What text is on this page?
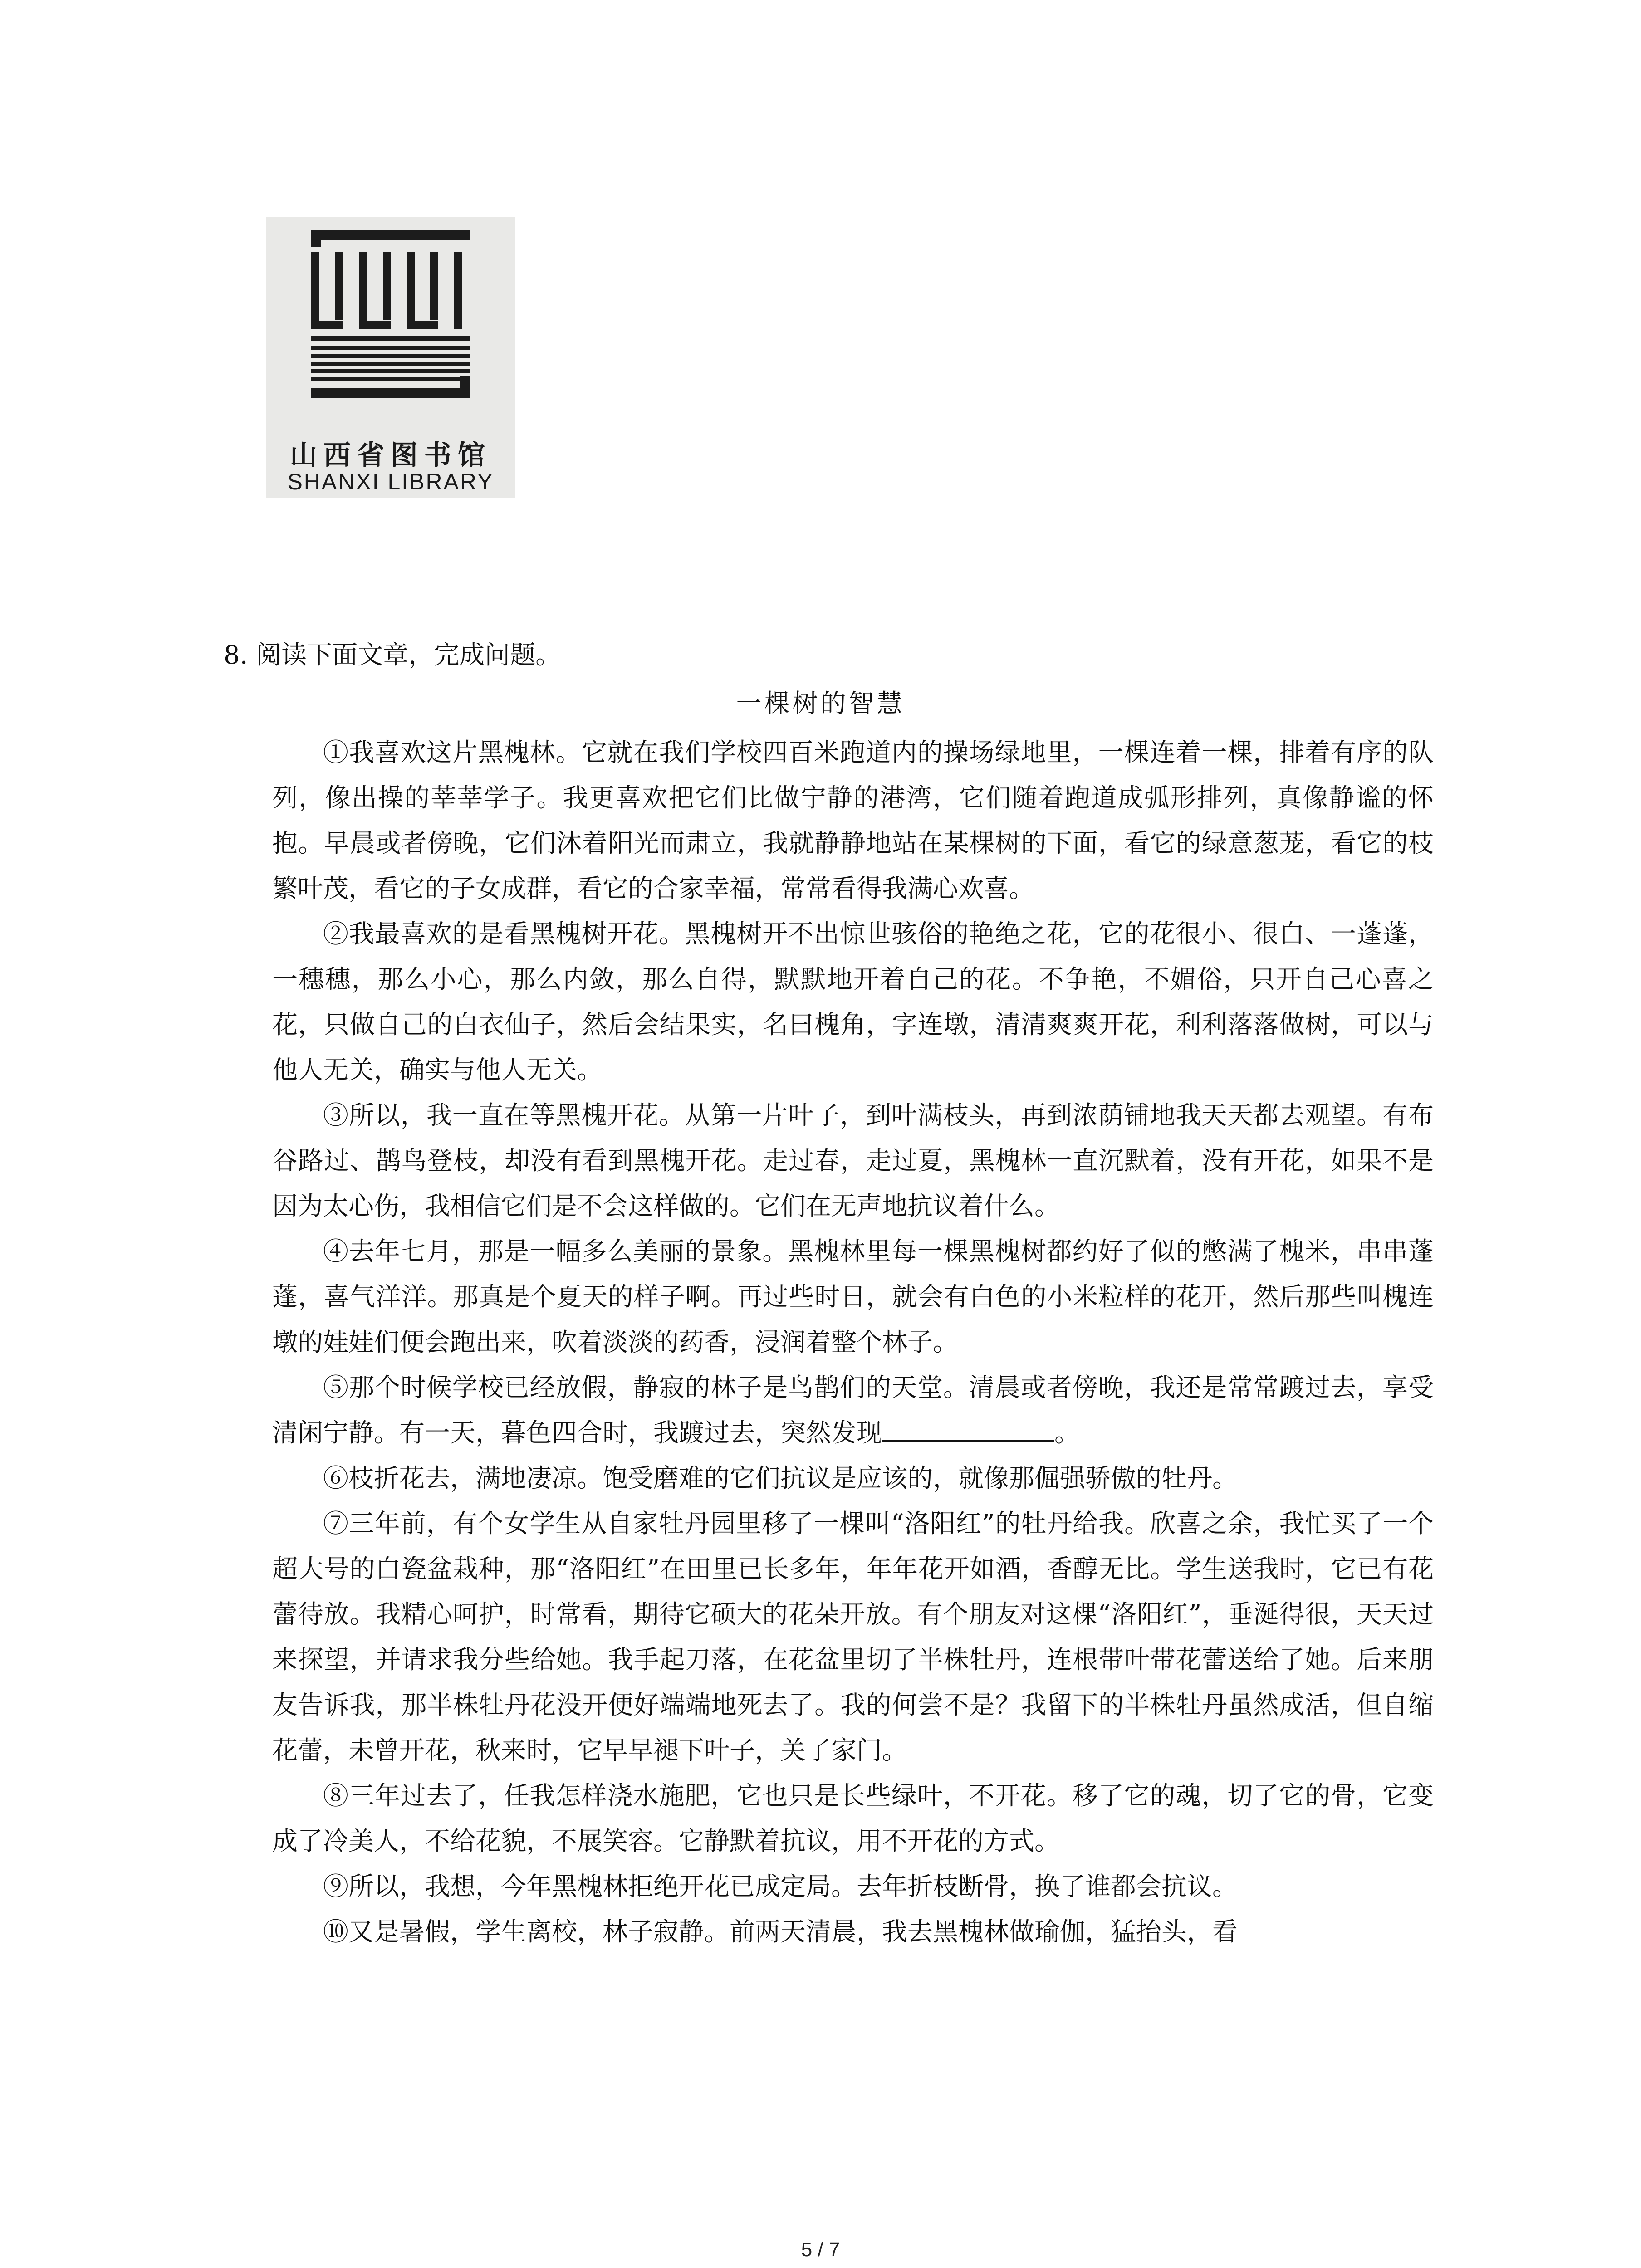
山西省图书馆
SHANXI LIBRARY
8. 阅读下面文章，完成问题。
一棵树的智慧

①我喜欢这片黑槐林。它就在我们学校四百米跑道内的操场绿地里，一棵连着一棵，排着有序的队列，像出操的莘莘学子。我更喜欢把它们比做宁静的港湾，它们随着跑道成弧形排列，真像静谧的怀抱。早晨或者傍晚，它们沐着阳光而肃立，我就静静地站在某棵树的下面，看它的绿意葱茏，看它的枝繁叶茂，看它的子女成群，看它的合家幸福，常常看得我满心欢喜。

②我最喜欢的是看黑槐树开花。黑槐树开不出惊世骇俗的艳绝之花，它的花很小、很白、一蓬蓬，一穗穗，那么小心，那么内敛，那么自得，默默地开着自己的花。不争艳，不媚俗，只开自己心喜之花，只做自己的白衣仙子，然后会结果实，名曰槐角，字连墩，清清爽爽开花，利利落落做树，可以与他人无关，确实与他人无关。

③所以，我一直在等黑槐开花。从第一片叶子，到叶满枝头，再到浓荫铺地我天天都去观望。有布谷路过、鹊鸟登枝，却没有看到黑槐开花。走过春，走过夏，黑槐林一直沉默着，没有开花，如果不是因为太心伤，我相信它们是不会这样做的。它们在无声地抗议着什么。

④去年七月，那是一幅多么美丽的景象。黑槐林里每一棵黑槐树都约好了似的憋满了槐米，串串蓬蓬，喜气洋洋。那真是个夏天的样子啊。再过些时日，就会有白色的小米粒样的花开，然后那些叫槐连墩的娃娃们便会跑出来，吹着淡淡的药香，浸润着整个林子。

⑤那个时候学校已经放假，静寂的林子是鸟鹊们的天堂。清晨或者傍晚，我还是常常踱过去，享受清闲宁静。有一天，暮色四合时，我踱过去，突然发现	。

⑥枝折花去，满地凄凉。饱受磨难的它们抗议是应该的，就像那倔强骄傲的牡丹。

⑦三年前，有个女学生从自家牡丹园里移了一棵叫“洛阳红”的牡丹给我。欣喜之余，我忙买了一个超大号的白瓷盆栽种，那“洛阳红”在田里已长多年，年年花开如酒，香醇无比。学生送我时，它已有花蕾待放。我精心呵护，时常看，期待它硕大的花朵开放。有个朋友对这棵“洛阳红”，垂涎得很，天天过来探望，并请求我分些给她。我手起刀落，在花盆里切了半株牡丹，连根带叶带花蕾送给了她。后来朋友告诉我，那半株牡丹花没开便好端端地死去了。我的何尝不是？我留下的半株牡丹虽然成活，但自缩花蕾，未曾开花，秋来时，它早早褪下叶子，关了家门。

⑧三年过去了，任我怎样浇水施肥，它也只是长些绿叶，不开花。移了它的魂，切了它的骨，它变成了冷美人，不给花貌，不展笑容。它静默着抗议，用不开花的方式。

⑨所以，我想，今年黑槐林拒绝开花已成定局。去年折枝断骨，换了谁都会抗议。

⑩又是暑假，学生离校，林子寂静。前两天清晨，我去黑槐林做瑜伽，猛抬头，看

5 / 7
